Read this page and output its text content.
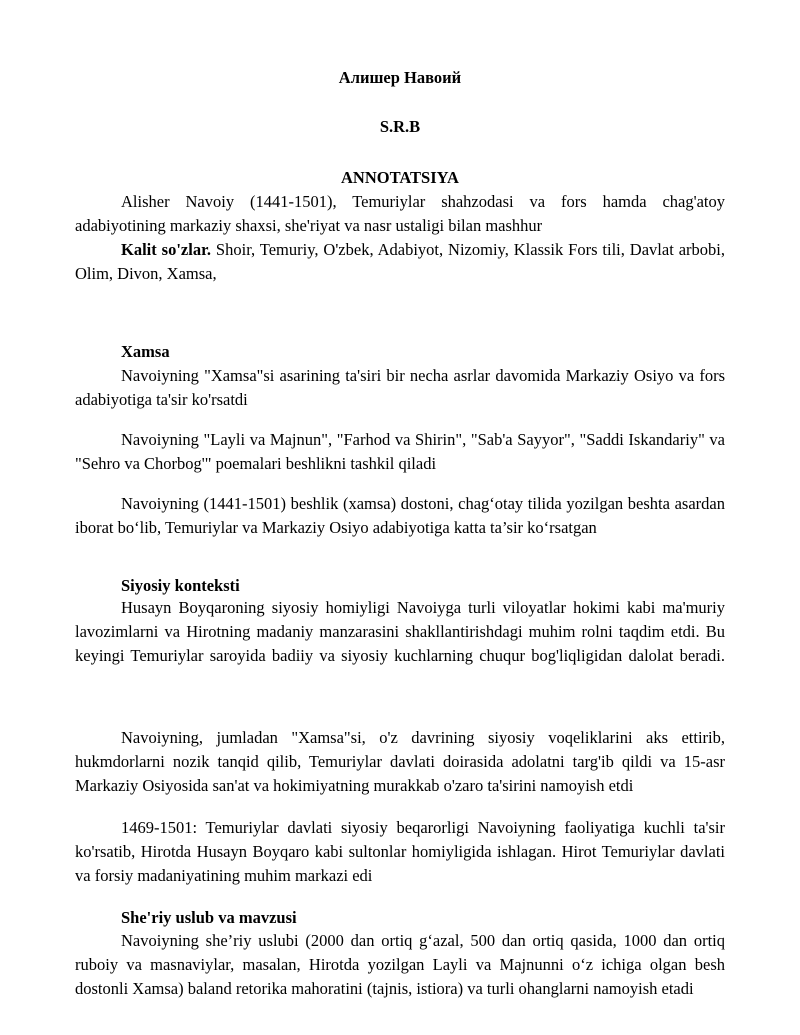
Алишер Навоий

S.R.B

ANNOTATSIYA

Alisher Navoiy (1441-1501), Temuriylar shahzodasi va fors hamda chag'atoy adabiyotining markaziy shaxsi, she'riyat va nasr ustaligi bilan mashhur

Kalit so'zlar. Shoir, Temuriy, O'zbek, Adabiyot, Nizomiy, Klassik Fors tili, Davlat arbobi, Olim, Divon, Xamsa,

Xamsa

Navoiyning "Xamsa"si asarining ta'siri bir necha asrlar davomida Markaziy Osiyo va fors adabiyotiga ta'sir ko'rsatdi

Navoiyning "Layli va Majnun", "Farhod va Shirin", "Sab'a Sayyor", "Saddi Iskandariy" va "Sehro va Chorbog'" poemalari beshlikni tashkil qiladi

Navoiyning (1441-1501) beshlik (xamsa) dostoni, chag‘otay tilida yozilgan beshta asardan iborat bo‘lib, Temuriylar va Markaziy Osiyo adabiyotiga katta ta’sir ko‘rsatgan

Siyosiy konteksti

Husayn Boyqaroning siyosiy homiyligi Navoiyga turli viloyatlar hokimi kabi ma'muriy lavozimlarni va Hirotning madaniy manzarasini shakllantirishdagi muhim rolni taqdim etdi. Bu keyingi Temuriylar saroyida badiiy va siyosiy kuchlarning chuqur bog'liqligidan dalolat beradi.

Navoiyning, jumladan "Xamsa"si, o'z davrining siyosiy voqeliklarini aks ettirib, hukmdorlarni nozik tanqid qilib, Temuriylar davlati doirasida adolatni targ'ib qildi va 15-asr Markaziy Osiyosida san'at va hokimiyatning murakkab o'zaro ta'sirini namoyish etdi

1469-1501: Temuriylar davlati siyosiy beqarorligi Navoiyning faoliyatiga kuchli ta'sir ko'rsatib, Hirotda Husayn Boyqaro kabi sultonlar homiyligida ishlagan. Hirot Temuriylar davlati va forsiy madaniyatining muhim markazi edi

She'riy uslub va mavzusi

Navoiyning she’riy uslubi (2000 dan ortiq g‘azal, 500 dan ortiq qasida, 1000 dan ortiq ruboiy va masnaviylar, masalan, Hirotda yozilgan Layli va Majnunni o‘z ichiga olgan besh dostonli Xamsa) baland retorika mahoratini (tajnis, istiora) va turli ohanglarni namoyish etadi
